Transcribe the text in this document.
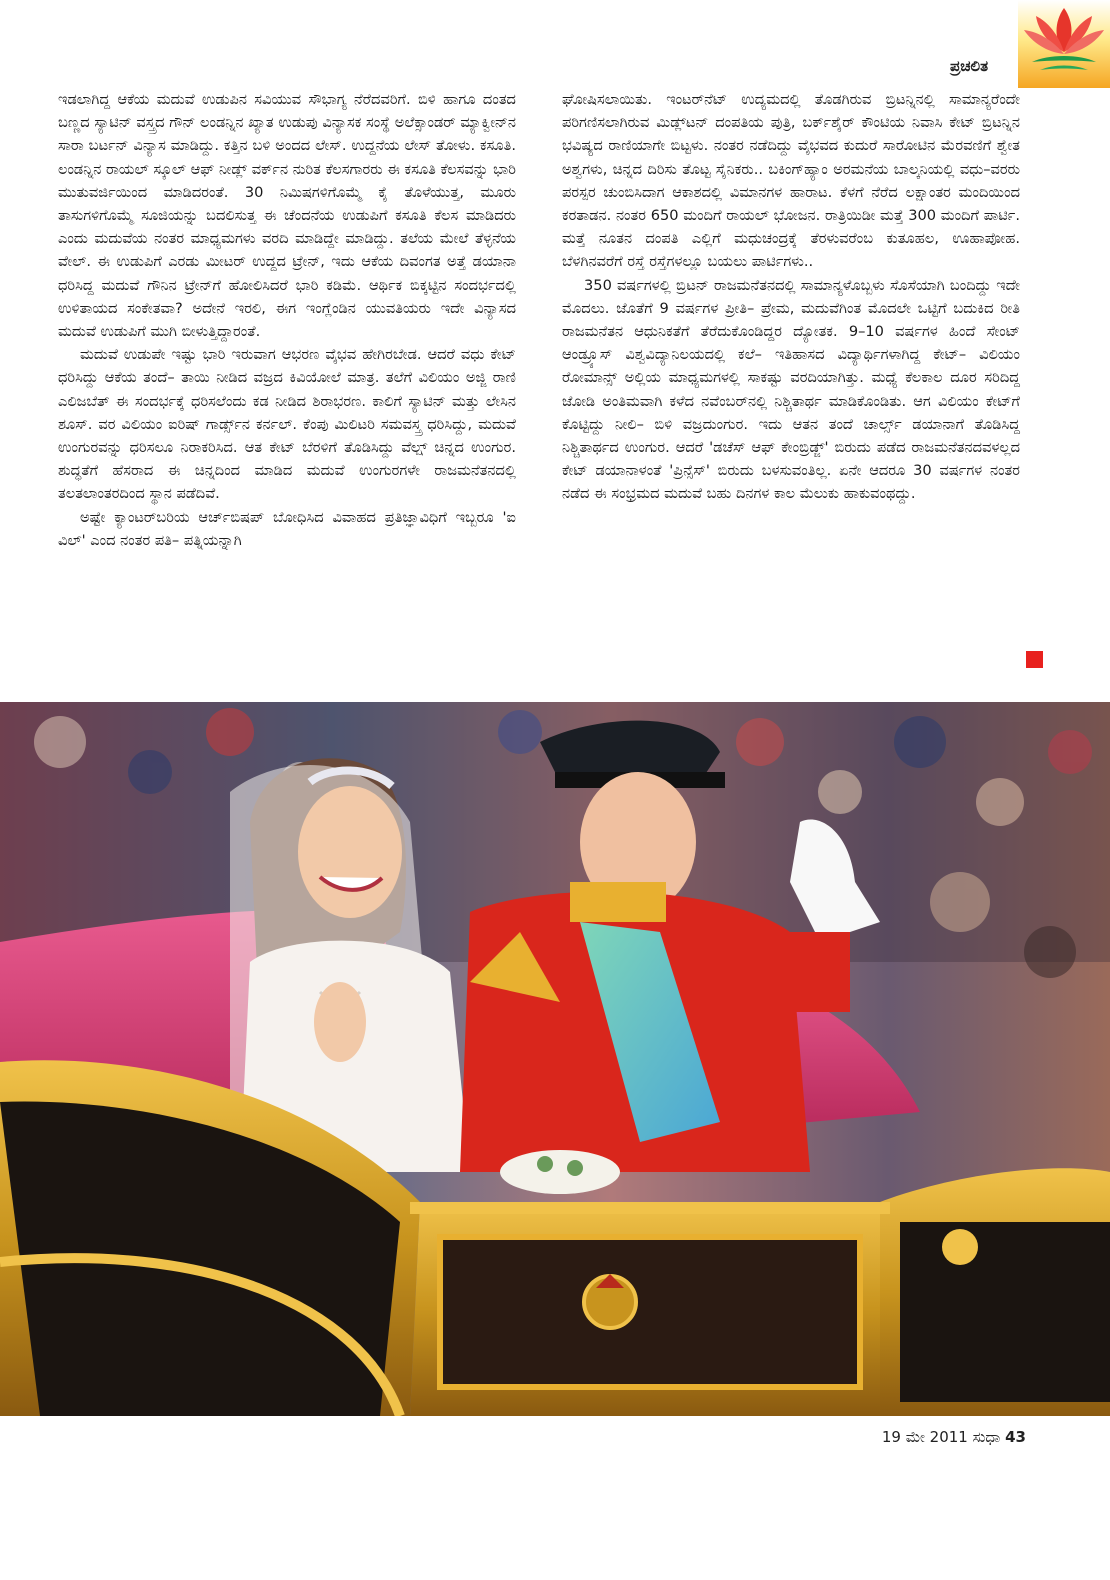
ಪ್ರಚಲಿತ

ಇಡಲಾಗಿದ್ದ ಆಕೆಯ ಮದುವೆ ಉಡುಪಿನ ಸವಿಯುವ ಸೌಭಾಗ್ಯ ನೆರೆದವರಿಗೆ. ಬಿಳಿ ಹಾಗೂ ದಂತದ ಬಣ್ಣದ ಸ್ಯಾಟಿನ್ ವಸ್ತ್ರದ ಗೌನ್ ಲಂಡನ್ನಿನ ಖ್ಯಾತ ಉಡುಪು ವಿನ್ಯಾಸಕ ಸಂಸ್ಥೆ ಅಲೆಕ್ಸಾಂಡರ್ ಮ್ಯಾಕ್ವೀನ್‌ನ ಸಾರಾ ಬರ್ಟನ್ ವಿನ್ಯಾಸ ಮಾಡಿದ್ದು. ಕತ್ತಿನ ಬಳಿ ಅಂದದ ಲೇಸ್. ಉದ್ದನೆಯ ಲೇಸ್ ತೋಳು. ಕಸೂತಿ. ಲಂಡನ್ನಿನ ರಾಯಲ್ ಸ್ಕೂಲ್ ಆಫ್ ನೀಡ್ಲ್ ವರ್ಕ್‌ನ ನುರಿತ ಕೆಲಸಗಾರರು ಈ ಕಸೂತಿ ಕೆಲಸವನ್ನು ಭಾರಿ ಮುತುವರ್ಜಿಯಿಂದ ಮಾಡಿದರಂತೆ. 30 ನಿಮಿಷಗಳಿಗೊಮ್ಮೆ ಕೈ ತೊಳೆಯುತ್ತ, ಮೂರು ತಾಸುಗಳಿಗೊಮ್ಮೆ ಸೂಜಿಯನ್ನು ಬದಲಿಸುತ್ತ ಈ ಚೆಂದನೆಯ ಉಡುಪಿಗೆ ಕಸೂತಿ ಕೆಲಸ ಮಾಡಿದರು ಎಂದು ಮದುವೆಯ ನಂತರ ಮಾಧ್ಯಮಗಳು ವರದಿ ಮಾಡಿದ್ದೇ ಮಾಡಿದ್ದು. ತಲೆಯ ಮೇಲೆ ತೆಳ್ಳನೆಯ ವೇಲ್. ಈ ಉಡುಪಿಗೆ ಎರಡು ಮೀಟರ್ ಉದ್ದದ ಟ್ರೇನ್, ಇದು ಆಕೆಯ ದಿವಂಗತ ಅತ್ತೆ ಡಯಾನಾ ಧರಿಸಿದ್ದ ಮದುವೆ ಗೌನಿನ ಟ್ರೇನ್‌ಗೆ ಹೋಲಿಸಿದರೆ ಭಾರಿ ಕಡಿಮೆ. ಆರ್ಥಿಕ ಬಿಕ್ಕಟ್ಟಿನ ಸಂದರ್ಭದಲ್ಲಿ ಉಳಿತಾಯದ ಸಂಕೇತವಾ? ಅದೇನೆ ಇರಲಿ, ಈಗ ಇಂಗ್ಲೆಂಡಿನ ಯುವತಿಯರು ಇದೇ ವಿನ್ಯಾಸದ ಮದುವೆ ಉಡುಪಿಗೆ ಮುಗಿ ಬೀಳುತ್ತಿದ್ದಾರಂತೆ.

ಮದುವೆ ಉಡುಪೇ ಇಷ್ಟು ಭಾರಿ ಇರುವಾಗ ಆಭರಣ ವೈಭವ ಹೇಗಿರಬೇಡ. ಆದರೆ ವಧು ಕೇಟ್ ಧರಿಸಿದ್ದು ಆಕೆಯ ತಂದೆ– ತಾಯಿ ನೀಡಿದ ವಜ್ರದ ಕಿವಿಯೋಲೆ ಮಾತ್ರ. ತಲೆಗೆ ವಿಲಿಯಂ ಅಜ್ಜಿ ರಾಣಿ ಎಲಿಜಬೆತ್ ಈ ಸಂದರ್ಭಕ್ಕೆ ಧರಿಸಲೆಂದು ಕಡ ನೀಡಿದ ಶಿರಾಭರಣ. ಕಾಲಿಗೆ ಸ್ಯಾಟಿನ್ ಮತ್ತು ಲೇಸಿನ ಶೂಸ್. ವರ ವಿಲಿಯಂ ಐರಿಷ್ ಗಾರ್ಡ್ಸ್‌ನ ಕರ್ನಲ್. ಕೆಂಪು ಮಿಲಿಟರಿ ಸಮವಸ್ತ್ರ ಧರಿಸಿದ್ದು, ಮದುವೆ ಉಂಗುರವನ್ನು ಧರಿಸಲೂ ನಿರಾಕರಿಸಿದ. ಆತ ಕೇಟ್ ಬೆರಳಿಗೆ ತೊಡಿಸಿದ್ದು ವೆಲ್ಷ್ ಚಿನ್ನದ ಉಂಗುರ. ಶುದ್ಧತೆಗೆ ಹೆಸರಾದ ಈ ಚಿನ್ನದಿಂದ ಮಾಡಿದ ಮದುವೆ ಉಂಗುರಗಳೇ ರಾಜಮನೆತನದಲ್ಲಿ ತಲತಲಾಂತರದಿಂದ ಸ್ಥಾನ ಪಡೆದಿವೆ.

ಅಷ್ಟೇ ಕ್ಯಾಂಟರ್‌ಬರಿಯ ಆರ್ಚ್‌ಬಿಷಪ್ ಬೋಧಿಸಿದ ವಿವಾಹದ ಪ್ರತಿಜ್ಞಾವಿಧಿಗೆ ಇಬ್ಬರೂ 'ಐ ವಿಲ್' ಎಂದ ನಂತರ ಪತಿ– ಪತ್ನಿಯನ್ನಾಗಿ

ಘೋಷಿಸಲಾಯಿತು. ಇಂಟರ್‌ನೆಟ್ ಉದ್ಯಮದಲ್ಲಿ ತೊಡಗಿರುವ ಬ್ರಿಟನ್ನಿನಲ್ಲಿ ಸಾಮಾನ್ಯರೆಂದೇ ಪರಿಗಣಿಸಲಾಗಿರುವ ಮಿಡ್ಲ್‌ಟನ್ ದಂಪತಿಯ ಪುತ್ರಿ, ಬರ್ಕ್‌ಶೈರ್ ಕೌಂಟಿಯ ನಿವಾಸಿ ಕೇಟ್ ಬ್ರಿಟನ್ನಿನ ಭವಿಷ್ಯದ ರಾಣಿಯಾಗೇ ಬಿಟ್ಟಳು. ನಂತರ ನಡೆದಿದ್ದು ವೈಭವದ ಕುದುರೆ ಸಾರೋಟಿನ ಮೆರವಣಿಗೆ ಶ್ವೇತ ಅಶ್ವಗಳು, ಚಿನ್ನದ ದಿರಿಸು ತೊಟ್ಟ ಸೈನಿಕರು.. ಬಕಿಂಗ್‌ಹ್ಯಾಂ ಅರಮನೆಯ ಬಾಲ್ಕನಿಯಲ್ಲಿ ವಧು–ವರರು ಪರಸ್ಪರ ಚುಂಬಿಸಿದಾಗ ಆಕಾಶದಲ್ಲಿ ವಿಮಾನಗಳ ಹಾರಾಟ. ಕೆಳಗೆ ನೆರೆದ ಲಕ್ಷಾಂತರ ಮಂದಿಯಿಂದ ಕರತಾಡನ. ನಂತರ 650 ಮಂದಿಗೆ ರಾಯಲ್ ಭೋಜನ. ರಾತ್ರಿಯಿಡೀ ಮತ್ತೆ 300 ಮಂದಿಗೆ ಪಾರ್ಟಿ. ಮತ್ತೆ ನೂತನ ದಂಪತಿ ಎಲ್ಲಿಗೆ ಮಧುಚಂದ್ರಕ್ಕೆ ತೆರಳುವರೆಂಬ ಕುತೂಹಲ, ಊಹಾಪೋಹ. ಬೆಳಗಿನವರೆಗೆ ರಸ್ತೆ ರಸ್ತೆಗಳಲ್ಲೂ ಬಯಲು ಪಾರ್ಟಿಗಳು..

350 ವರ್ಷಗಳಲ್ಲಿ ಬ್ರಿಟನ್ ರಾಜಮನೆತನದಲ್ಲಿ ಸಾಮಾನ್ಯಳೊಬ್ಬಳು ಸೊಸೆಯಾಗಿ ಬಂದಿದ್ದು ಇದೇ ಮೊದಲು. ಜೊತೆಗೆ 9 ವರ್ಷಗಳ ಪ್ರೀತಿ– ಪ್ರೇಮ, ಮದುವೆಗಿಂತ ಮೊದಲೇ ಒಟ್ಟಿಗೆ ಬದುಕಿದ ರೀತಿ ರಾಜಮನೆತನ ಆಧುನಿಕತೆಗೆ ತೆರೆದುಕೊಂಡಿದ್ದರ ದ್ಯೋತಕ. 9–10 ವರ್ಷಗಳ ಹಿಂದೆ ಸೇಂಟ್ ಆಂಡ್ರ್ಯೂಸ್ ವಿಶ್ವವಿದ್ಯಾನಿಲಯದಲ್ಲಿ ಕಲೆ– ಇತಿಹಾಸದ ವಿದ್ಯಾರ್ಥಿಗಳಾಗಿದ್ದ ಕೇಟ್– ವಿಲಿಯಂ ರೋಮಾನ್ಸ್ ಅಲ್ಲಿಯ ಮಾಧ್ಯಮಗಳಲ್ಲಿ ಸಾಕಷ್ಟು ವರದಿಯಾಗಿತ್ತು. ಮಧ್ಯೆ ಕೆಲಕಾಲ ದೂರ ಸರಿದಿದ್ದ ಜೋಡಿ ಅಂತಿಮವಾಗಿ ಕಳೆದ ನವೆಂಬರ್‌ನಲ್ಲಿ ನಿಶ್ಚಿತಾರ್ಥ ಮಾಡಿಕೊಂಡಿತು. ಆಗ ವಿಲಿಯಂ ಕೇಟ್‌ಗೆ ಕೊಟ್ಟಿದ್ದು ನೀಲಿ– ಬಿಳಿ ವಜ್ರದುಂಗುರ. ಇದು ಆತನ ತಂದೆ ಚಾರ್ಲ್ಸ್ ಡಯಾನಾಗೆ ತೊಡಿಸಿದ್ದ ನಿಶ್ಚಿತಾರ್ಥದ ಉಂಗುರ. ಆದರೆ 'ಡಚೆಸ್ ಆಫ್ ಕೇಂಬ್ರಿಡ್ಜ್' ಬಿರುದು ಪಡೆದ ರಾಜಮನೆತನದವಳಲ್ಲದ ಕೇಟ್ ಡಯಾನಾಳಂತೆ 'ಪ್ರಿನ್ಸೆಸ್' ಬಿರುದು ಬಳಸುವಂತಿಲ್ಲ. ಏನೇ ಆದರೂ 30 ವರ್ಷಗಳ ನಂತರ ನಡೆದ ಈ ಸಂಭ್ರಮದ ಮದುವೆ ಬಹು ದಿನಗಳ ಕಾಲ ಮೆಲುಕು ಹಾಕುವಂಥದ್ದು.

19 ಮೇ 2011 ಸುಧಾ 43
